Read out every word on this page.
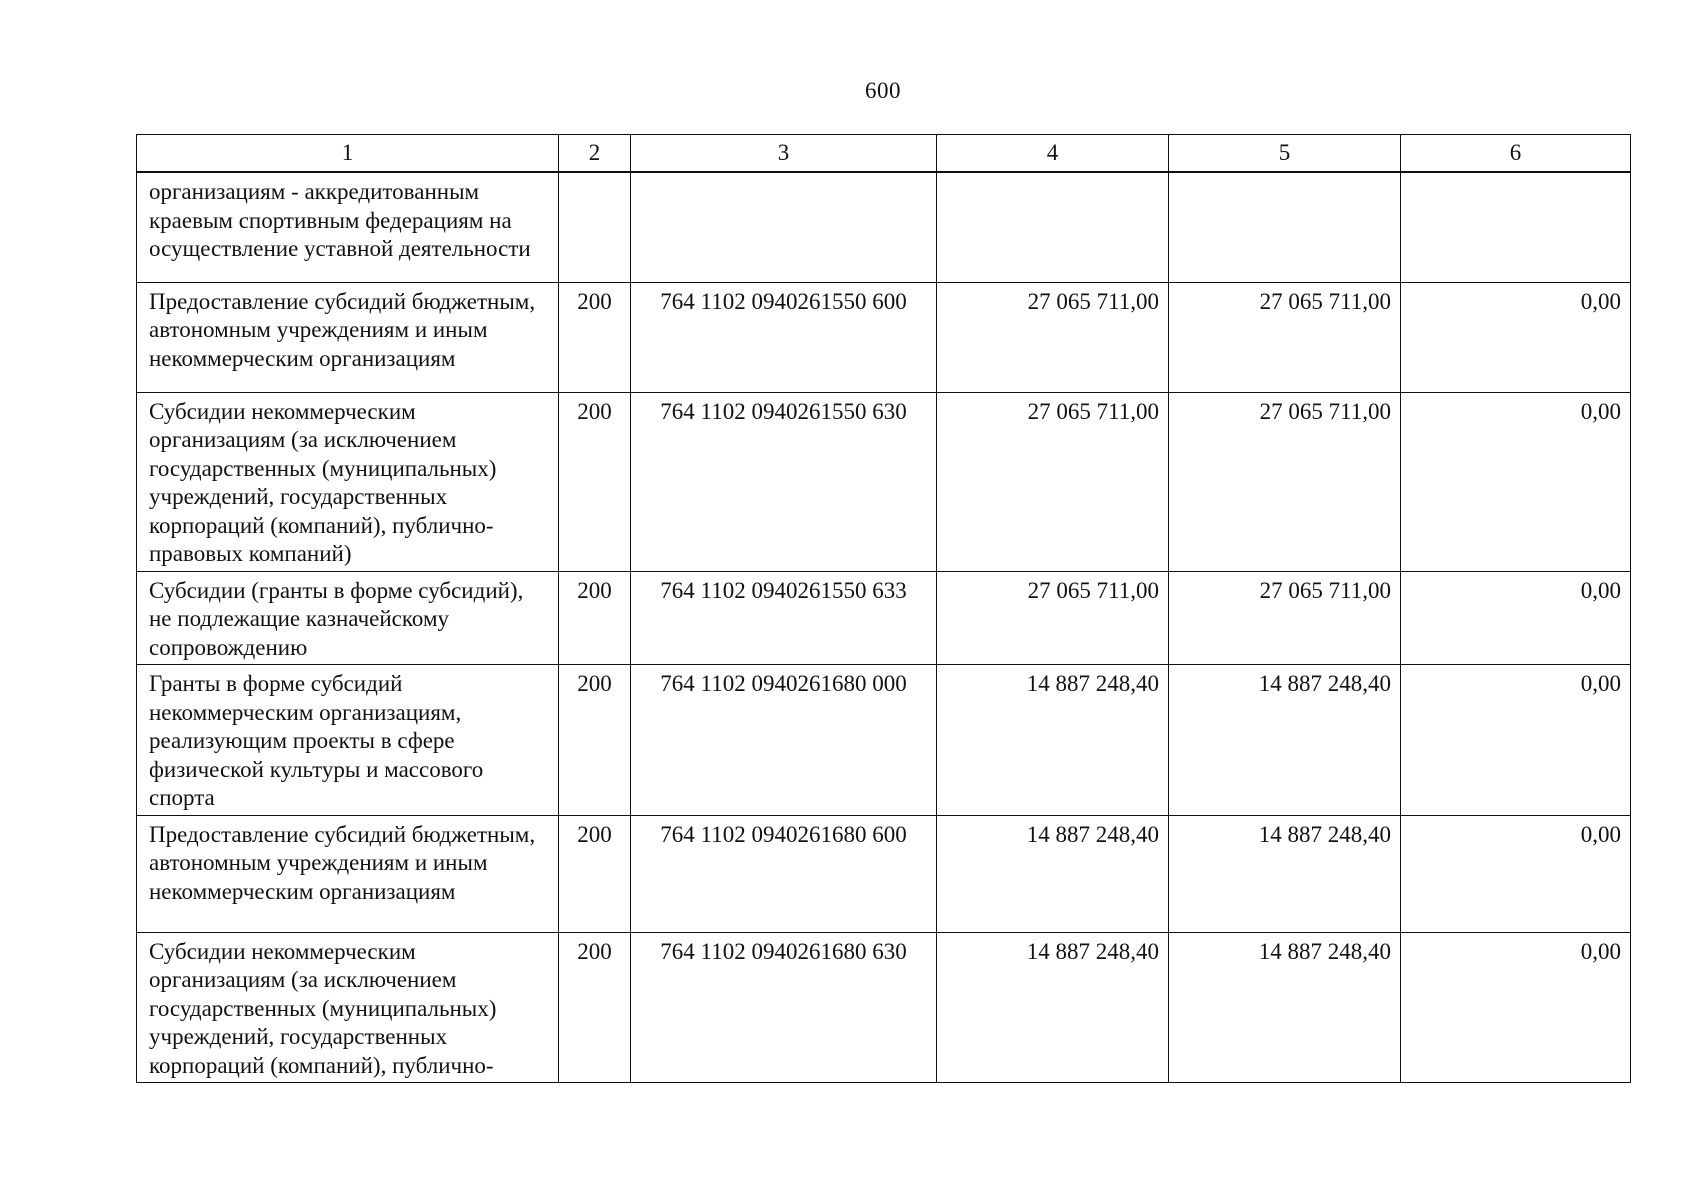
600
1	2	3	4	5	6
организациям - аккредитованным краевым спортивным федерациям на осуществление уставной деятельности					
Предоставление субсидий бюджетным, автономным учреждениям и иным некоммерческим организациям	200	764 1102 0940261550 600	27 065 711,00	27 065 711,00	0,00
Субсидии некоммерческим организациям (за исключением государственных (муниципальных) учреждений, государственных корпораций (компаний), публично-правовых компаний)	200	764 1102 0940261550 630	27 065 711,00	27 065 711,00	0,00
Субсидии (гранты в форме субсидий), не подлежащие казначейскому сопровождению	200	764 1102 0940261550 633	27 065 711,00	27 065 711,00	0,00
Гранты в форме субсидий некоммерческим организациям, реализующим проекты в сфере физической культуры и массового спорта	200	764 1102 0940261680 000	14 887 248,40	14 887 248,40	0,00
Предоставление субсидий бюджетным, автономным учреждениям и иным некоммерческим организациям	200	764 1102 0940261680 600	14 887 248,40	14 887 248,40	0,00
Субсидии некоммерческим организациям (за исключением государственных (муниципальных) учреждений, государственных корпораций (компаний), публично-	200	764 1102 0940261680 630	14 887 248,40	14 887 248,40	0,00
